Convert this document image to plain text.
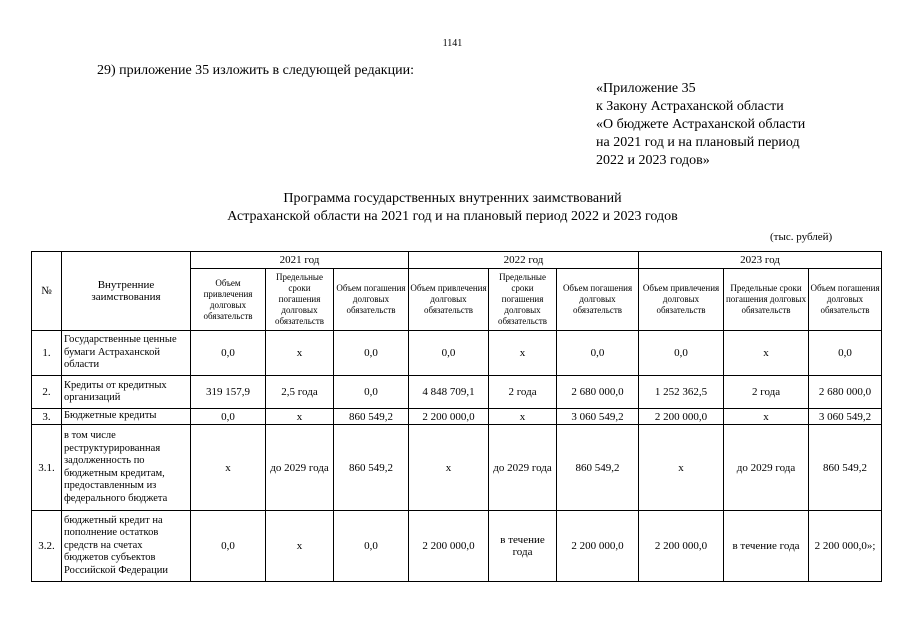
1141
29) приложение 35 изложить в следующей редакции:
«Приложение 35
к Закону Астраханской области
«О бюджете Астраханской области
на 2021 год и на плановый период
2022 и 2023 годов»
Программа государственных внутренних заимствований
Астраханской области на 2021 год и на плановый период 2022 и 2023 годов
(тыс. рублей)
№	Внутренние заимствования	2021 год			2022 год			2023 год		
		Объем привлечения долговых обязательств	Предельные сроки погашения долговых обязательств	Объем погашения долговых обязательств	Объем привлечения долговых обязательств	Предельные сроки погашения долговых обязательств	Объем погашения долговых обязательств	Объем привлечения долговых обязательств	Предельные сроки погашения долговых обязательств	Объем погашения долговых обязательств
1.	Государственные ценные бумаги Астраханской области	0,0	х	0,0	0,0	х	0,0	0,0	х	0,0
2.	Кредиты от кредитных организаций	319 157,9	2,5 года	0,0	4 848 709,1	2 года	2 680 000,0	1 252 362,5	2 года	2 680 000,0
3.	Бюджетные кредиты	0,0	х	860 549,2	2 200 000,0	х	3 060 549,2	2 200 000,0	х	3 060 549,2
3.1.	в том числе реструктурированная задолженность по бюджетным кредитам, предоставленным из федерального бюджета	х	до 2029 года	860 549,2	х	до 2029 года	860 549,2	х	до 2029 года	860 549,2
3.2.	бюджетный кредит на пополнение остатков средств на счетах бюджетов субъектов Российской Федерации	0,0	х	0,0	2 200 000,0	в течение года	2 200 000,0	2 200 000,0	в течение года	2 200 000,0»;
